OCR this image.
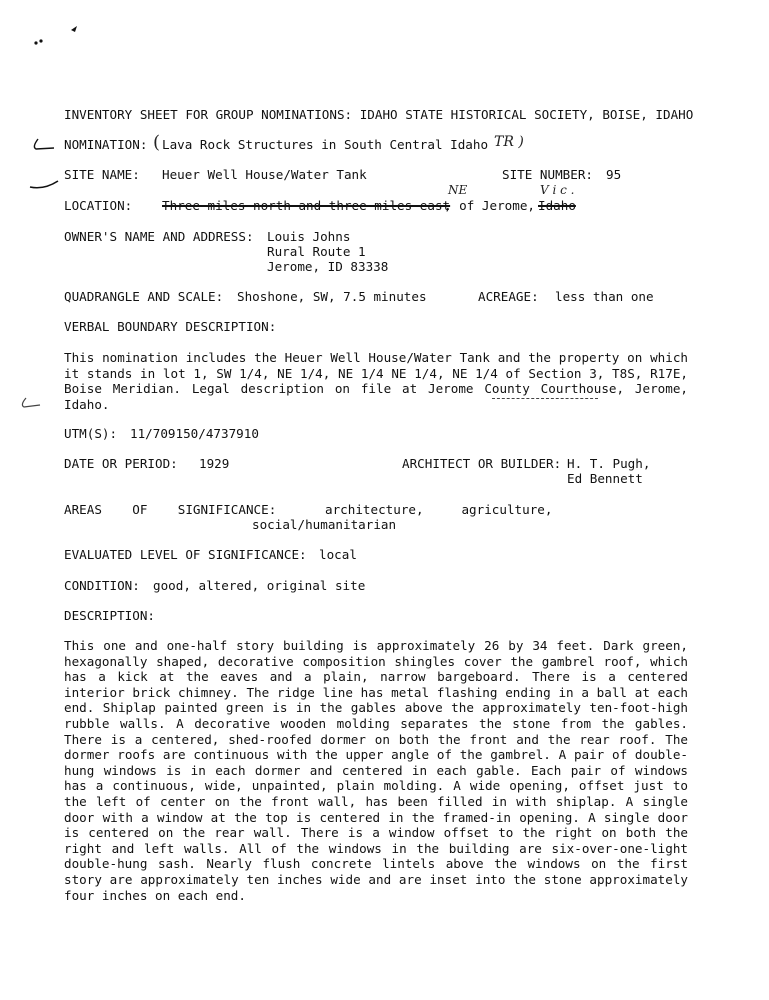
INVENTORY SHEET FOR GROUP NOMINATIONS: IDAHO STATE HISTORICAL SOCIETY, BOISE, IDAHO
NOMINATION: ( Lava Rock Structures in South Central Idaho TR )
SITE NAME: Heuer Well House/Water Tank	SITE NUMBER: 95
LOCATION: Three miles north and three miles east
, of Jerome, Idaho
NE	V i c .
OWNER'S NAME AND ADDRESS: Louis Johns
Rural Route 1
Jerome, ID 83338
QUADRANGLE AND SCALE: Shoshone, SW, 7.5 minutes	ACREAGE: less than one
VERBAL BOUNDARY DESCRIPTION:
This nomination includes the Heuer Well House/Water Tank and the property on which it stands in lot 1, SW 1/4, NE 1/4, NE 1/4 NE 1/4, NE 1/4 of Section 3, T8S, R17E, Boise Meridian. Legal description on file at Jerome County Courthouse, Jerome, Idaho.
UTM(S): 11/709150/4737910
DATE OR PERIOD: 1929	ARCHITECT OR BUILDER: H. T. Pugh,
Ed Bennett
AREAS    OF    SIGNIFICANCE:	architecture,     agriculture,
social/humanitarian
EVALUATED LEVEL OF SIGNIFICANCE: local
CONDITION: good, altered, original site
DESCRIPTION:
This one and one-half story building is approximately 26 by 34 feet. Dark green, hexagonally shaped, decorative composition shingles cover the gambrel roof, which has a kick at the eaves and a plain, narrow bargeboard. There is a centered interior brick chimney. The ridge line has metal flashing ending in a ball at each end. Shiplap painted green is in the gables above the approximately ten-foot-high rubble walls. A decorative wooden molding separates the stone from the gables. There is a centered, shed-roofed dormer on both the front and the rear roof. The dormer roofs are continuous with the upper angle of the gambrel. A pair of double-hung windows is in each dormer and centered in each gable. Each pair of windows has a continuous, wide, unpainted, plain molding. A wide opening, offset just to the left of center on the front wall, has been filled in with shiplap. A single door with a window at the top is centered in the framed-in opening. A single door is centered on the rear wall. There is a window offset to the right on both the right and left walls. All of the windows in the building are six-over-one-light double-hung sash. Nearly flush concrete lintels above the windows on the first story are approximately ten inches wide and are inset into the stone approximately four inches on each end.
